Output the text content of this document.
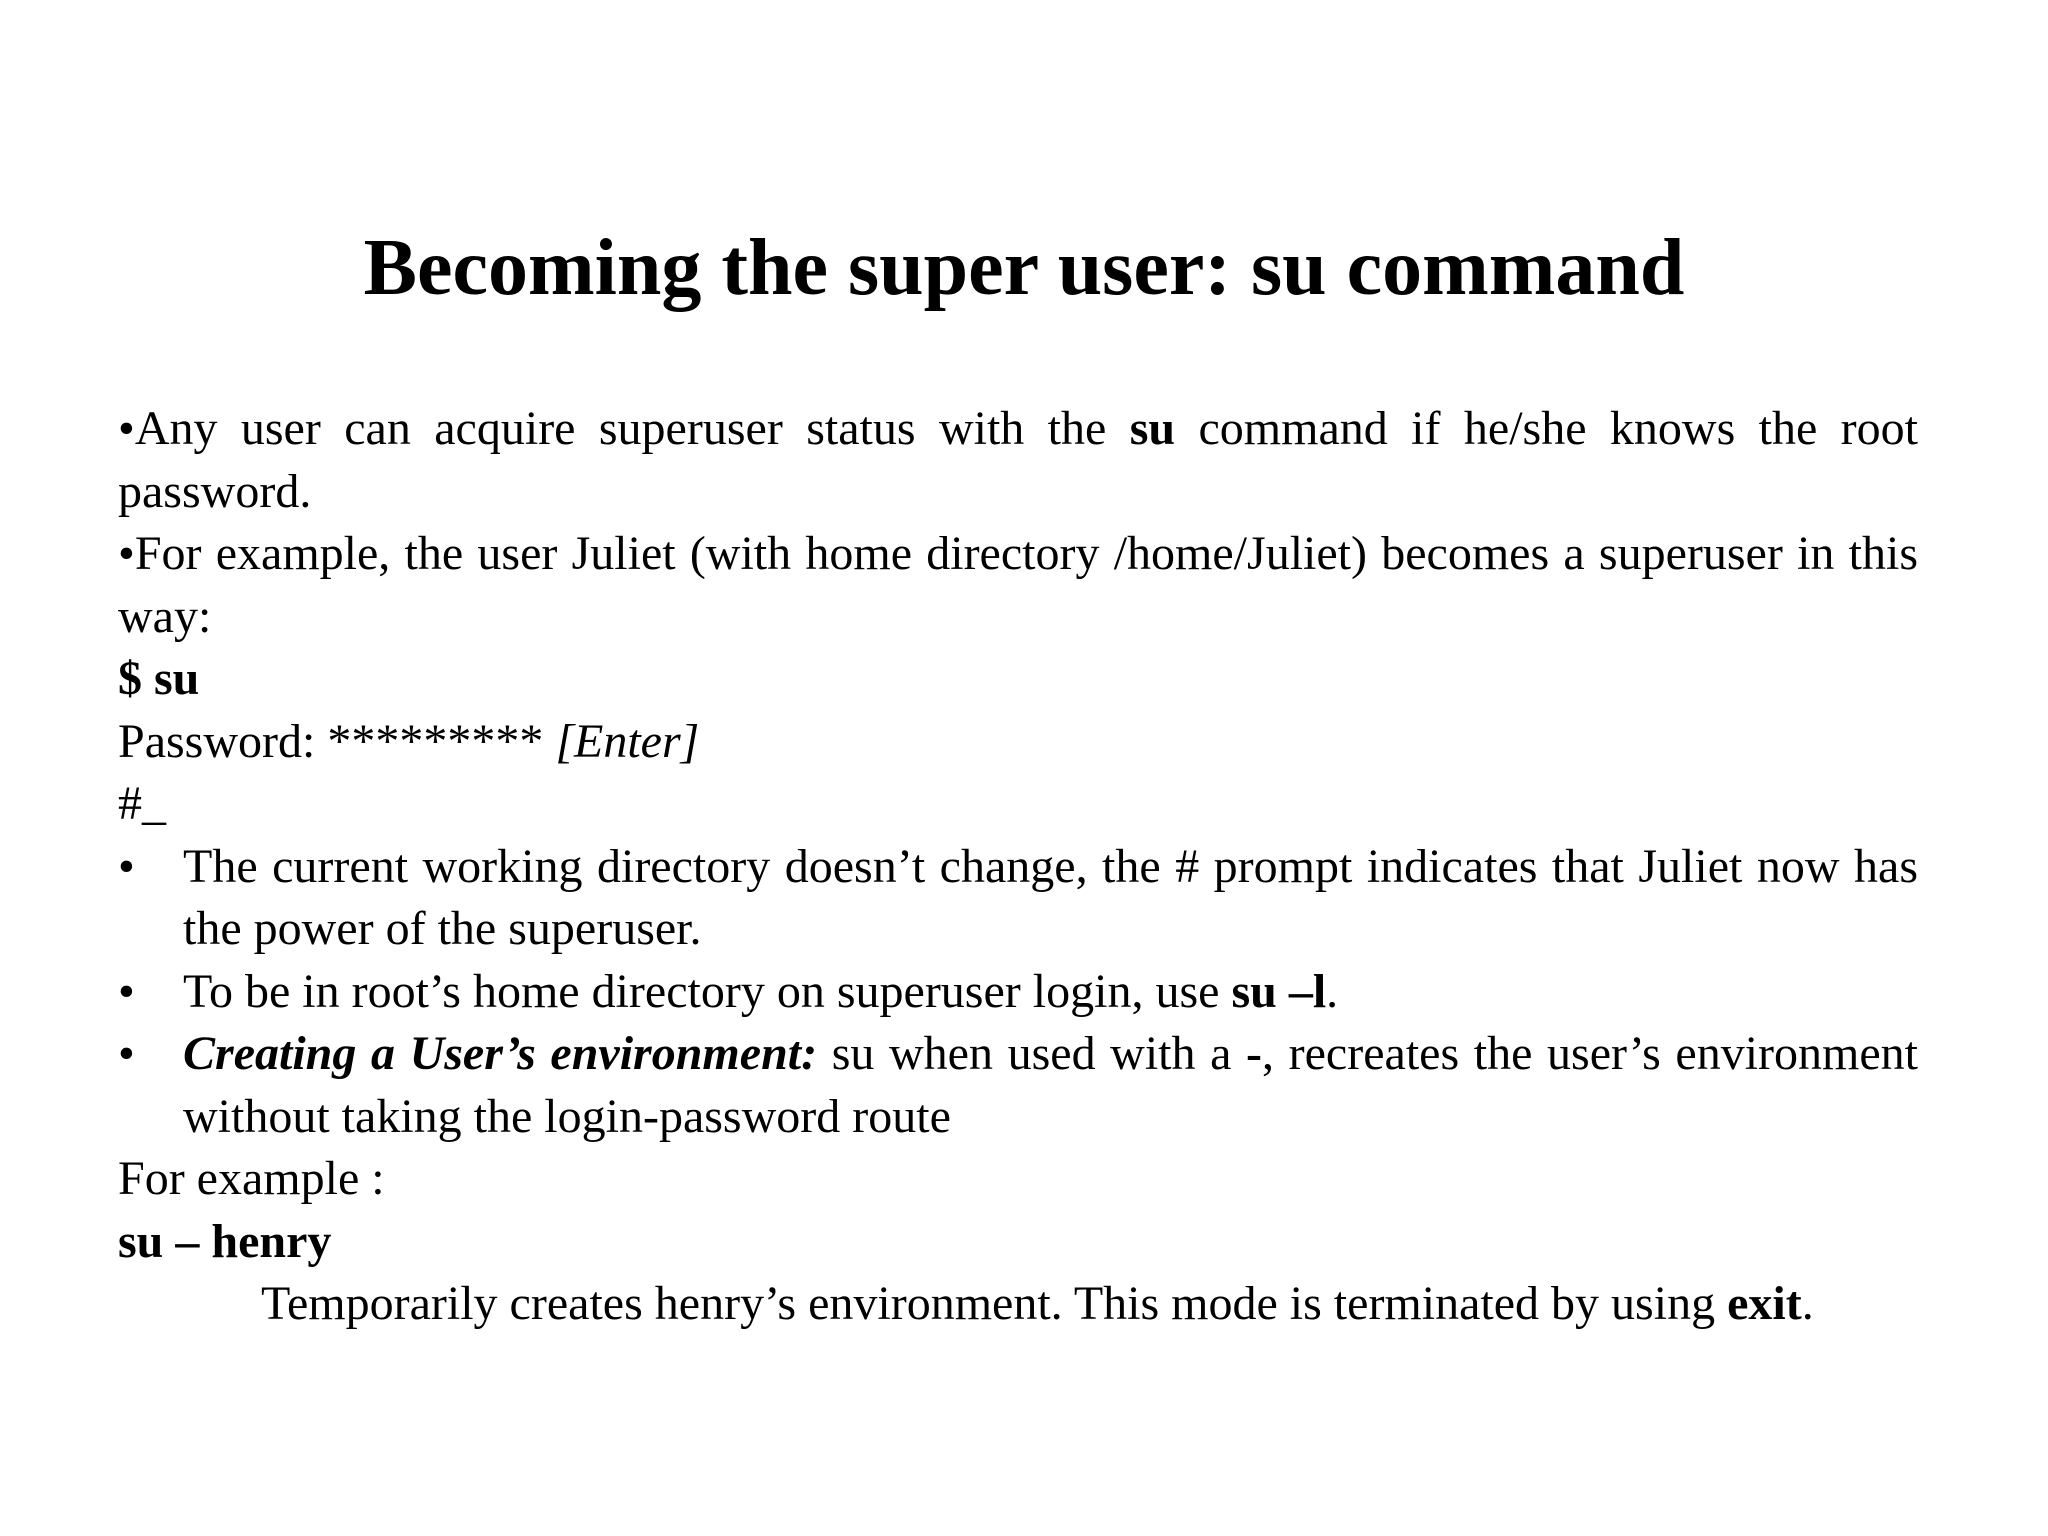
Becoming the super user: su command

•Any user can acquire superuser status with the su command if he/she knows the root password.

•For example, the user Juliet (with home directory /home/Juliet) becomes a superuser in this way:

$ su

Password: ********* [Enter]

#_

• The current working directory doesn’t change, the # prompt indicates that Juliet now has the power of the superuser.

• To be in root’s home directory on superuser login, use su –l.

• Creating a User’s environment: su when used with a -, recreates the user’s environment without taking the login-password route

For example :

su – henry

Temporarily creates henry’s environment. This mode is terminated by using exit.
